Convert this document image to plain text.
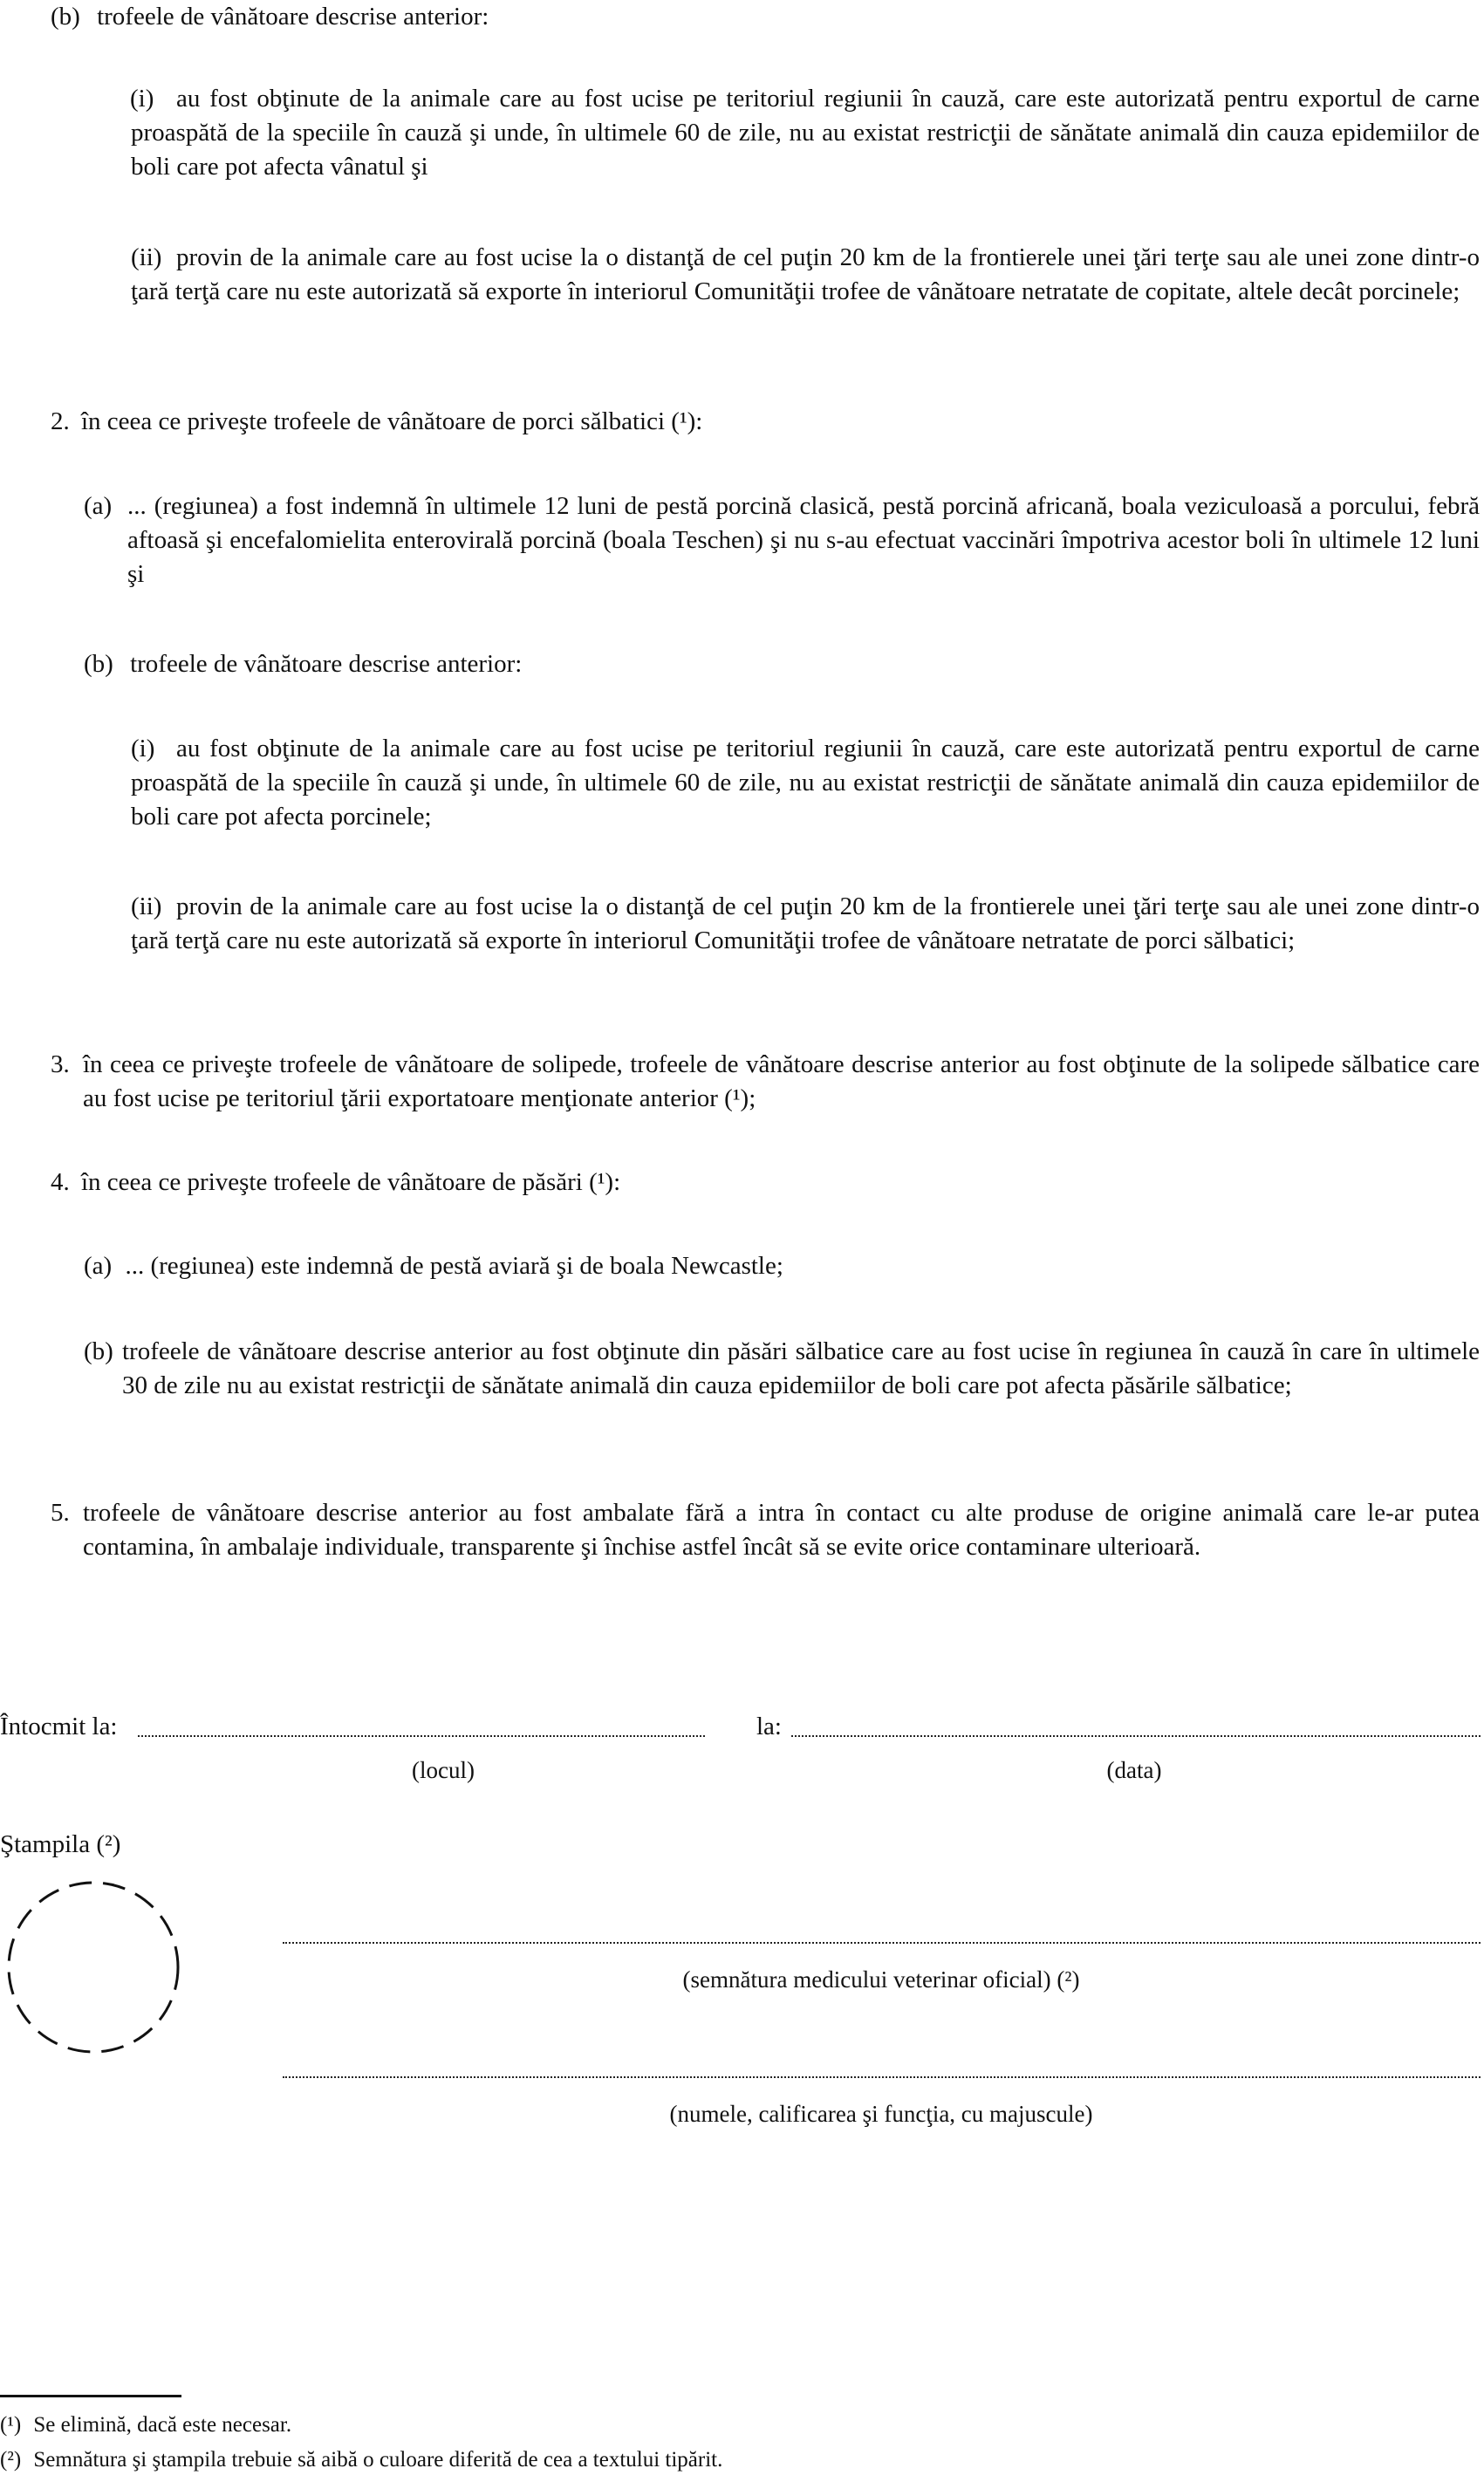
(b) trofeele de vânătoare descrise anterior:
(i) au fost obţinute de la animale care au fost ucise pe teritoriul regiunii în cauză, care este autorizată pentru exportul de carne proaspătă de la speciile în cauză şi unde, în ultimele 60 de zile, nu au existat restricţii de sănătate animală din cauza epidemiilor de boli care pot afecta vânatul şi

(ii) provin de la animale care au fost ucise la o distanţă de cel puţin 20 km de la frontierele unei ţări terţe sau ale unei zone dintr-o ţară terţă care nu este autorizată să exporte în interiorul Comunităţii trofee de vânătoare netratate de copitate, altele decât porcinele;

2. în ceea ce priveşte trofeele de vânătoare de porci sălbatici (¹):
(a) ... (regiunea) a fost indemnă în ultimele 12 luni de pestă porcină clasică, pestă porcină africană, boala veziculoasă a porcului, febră aftoasă şi encefalomielita enterovirală porcină (boala Teschen) şi nu s-au efectuat vaccinări împotriva acestor boli în ultimele 12 luni şi

(b) trofeele de vânătoare descrise anterior:
(i) au fost obţinute de la animale care au fost ucise pe teritoriul regiunii în cauză, care este autorizată pentru exportul de carne proaspătă de la speciile în cauză şi unde, în ultimele 60 de zile, nu au existat restricţii de sănătate animală din cauza epidemiilor de boli care pot afecta porcinele;

(ii) provin de la animale care au fost ucise la o distanţă de cel puţin 20 km de la frontierele unei ţări terţe sau ale unei zone dintr-o ţară terţă care nu este autorizată să exporte în interiorul Comunităţii trofee de vânătoare netratate de porci sălbatici;

3. în ceea ce priveşte trofeele de vânătoare de solipede, trofeele de vânătoare descrise anterior au fost obţinute de la solipede sălbatice care au fost ucise pe teritoriul ţării exportatoare menţionate anterior (¹);

4. în ceea ce priveşte trofeele de vânătoare de păsări (¹):
(a) ... (regiunea) este indemnă de pestă aviară şi de boala Newcastle;
(b) trofeele de vânătoare descrise anterior au fost obţinute din păsări sălbatice care au fost ucise în regiunea în cauză în care în ultimele 30 de zile nu au existat restricţii de sănătate animală din cauza epidemiilor de boli care pot afecta păsările sălbatice;

5. trofeele de vânătoare descrise anterior au fost ambalate fără a intra în contact cu alte produse de origine animală care le-ar putea contamina, în ambalaje individuale, transparente şi închise astfel încât să se evite orice contaminare ulterioară.

Întocmit la:
(locul)
la:
(data)
Ştampila (²)
(semnătura medicului veterinar oficial) (²)
(numele, calificarea şi funcţia, cu majuscule)
(¹) Se elimină, dacă este necesar.
(²) Semnătura şi ştampila trebuie să aibă o culoare diferită de cea a textului tipărit.
